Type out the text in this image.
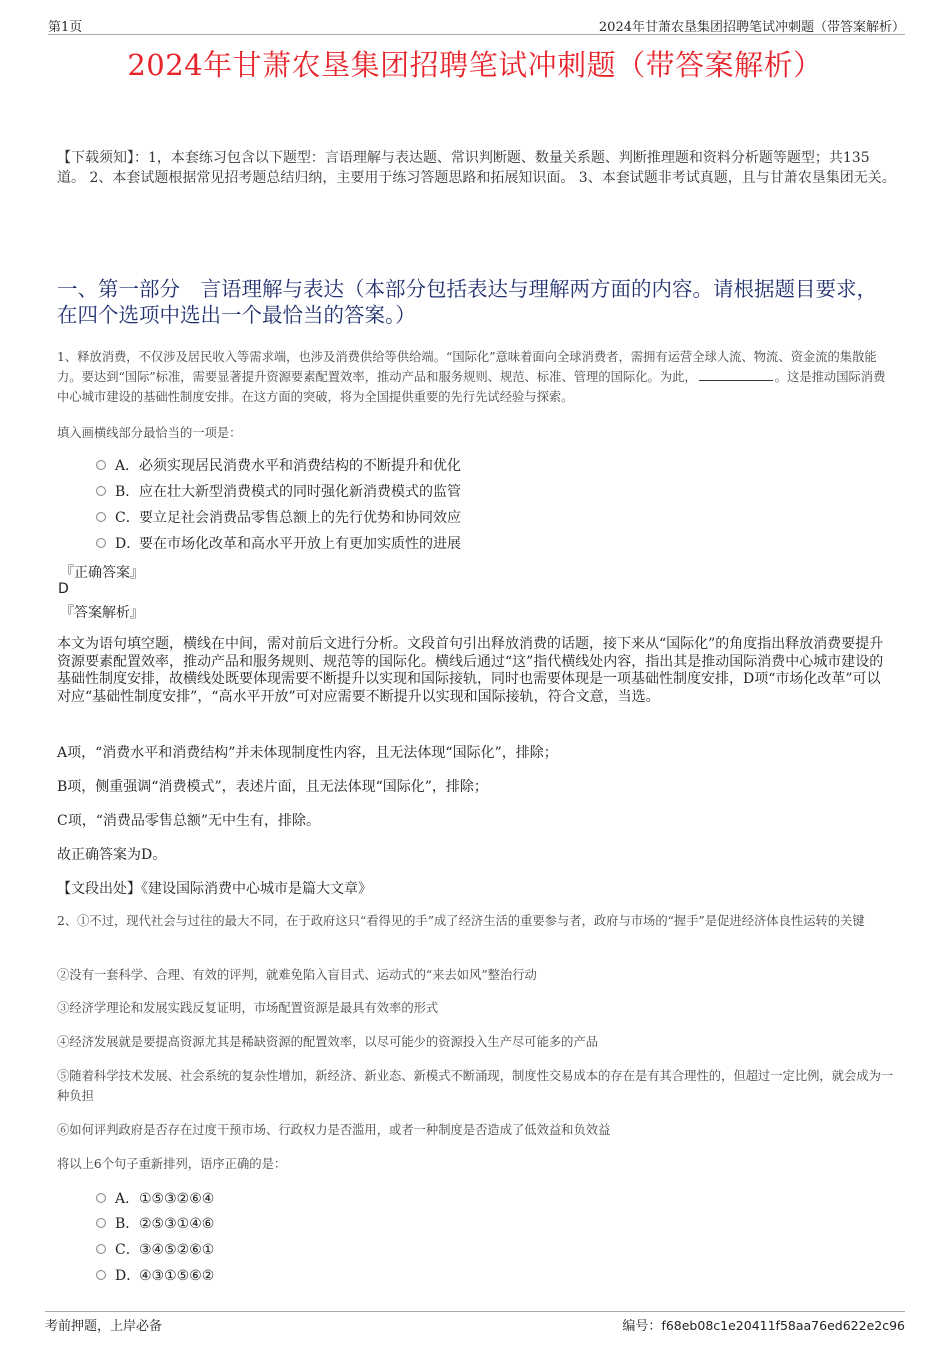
第1页	2024年甘萧农垦集团招聘笔试冲刺题（带答案解析）
2024年甘萧农垦集团招聘笔试冲刺题（带答案解析）
【下载须知】：1，本套练习包含以下题型：言语理解与表达题、常识判断题、数量关系题、判断推理题和资料分析题等题型；共135道。 2、本套试题根据常见招考题总结归纳，主要用于练习答题思路和拓展知识面。 3、本套试题非考试真题，且与甘萧农垦集团无关。
一、第一部分　言语理解与表达（本部分包括表达与理解两方面的内容。请根据题目要求，在四个选项中选出一个最恰当的答案。）
1、释放消费，不仅涉及居民收入等需求端，也涉及消费供给等供给端。“国际化”意味着面向全球消费者，需拥有运营全球人流、物流、资金流的集散能力。要达到“国际”标准，需要显著提升资源要素配置效率，推动产品和服务规则、规范、标准、管理的国际化。为此，	。这是推动国际消费中心城市建设的基础性制度安排。在这方面的突破，将为全国提供重要的先行先试经验与探索。
填入画横线部分最恰当的一项是：
A．必须实现居民消费水平和消费结构的不断提升和优化
B．应在壮大新型消费模式的同时强化新消费模式的监管
C．要立足社会消费品零售总额上的先行优势和协同效应
D．要在市场化改革和高水平开放上有更加实质性的进展
『正确答案』
D
『答案解析』
本文为语句填空题，横线在中间，需对前后文进行分析。文段首句引出释放消费的话题，接下来从“国际化”的角度指出释放消费要提升资源要素配置效率，推动产品和服务规则、规范等的国际化。横线后通过“这”指代横线处内容，指出其是推动国际消费中心城市建设的基础性制度安排，故横线处既要体现需要不断提升以实现和国际接轨，同时也需要体现是一项基础性制度安排，D项“市场化改革”可以对应“基础性制度安排”，“高水平开放”可对应需要不断提升以实现和国际接轨，符合文意，当选。
A项，“消费水平和消费结构”并未体现制度性内容，且无法体现“国际化”，排除；
B项，侧重强调“消费模式”，表述片面，且无法体现“国际化”，排除；
C项，“消费品零售总额”无中生有，排除。
故正确答案为D。
【文段出处】《建设国际消费中心城市是篇大文章》
2、①不过，现代社会与过往的最大不同，在于政府这只“看得见的手”成了经济生活的重要参与者，政府与市场的“握手”是促进经济体良性运转的关键
②没有一套科学、合理、有效的评判，就难免陷入盲目式、运动式的“来去如风”整治行动
③经济学理论和发展实践反复证明，市场配置资源是最具有效率的形式
④经济发展就是要提高资源尤其是稀缺资源的配置效率，以尽可能少的资源投入生产尽可能多的产品
⑤随着科学技术发展、社会系统的复杂性增加，新经济、新业态、新模式不断涌现，制度性交易成本的存在是有其合理性的，但超过一定比例，就会成为一种负担
⑥如何评判政府是否存在过度干预市场、行政权力是否滥用，或者一种制度是否造成了低效益和负效益
将以上6个句子重新排列，语序正确的是：
A．①⑤③②⑥④
B．②⑤③①④⑥
C．③④⑤②⑥①
D．④③①⑤⑥②
考前押题，上岸必备	编号：f68eb08c1e20411f58aa76ed622e2c96
